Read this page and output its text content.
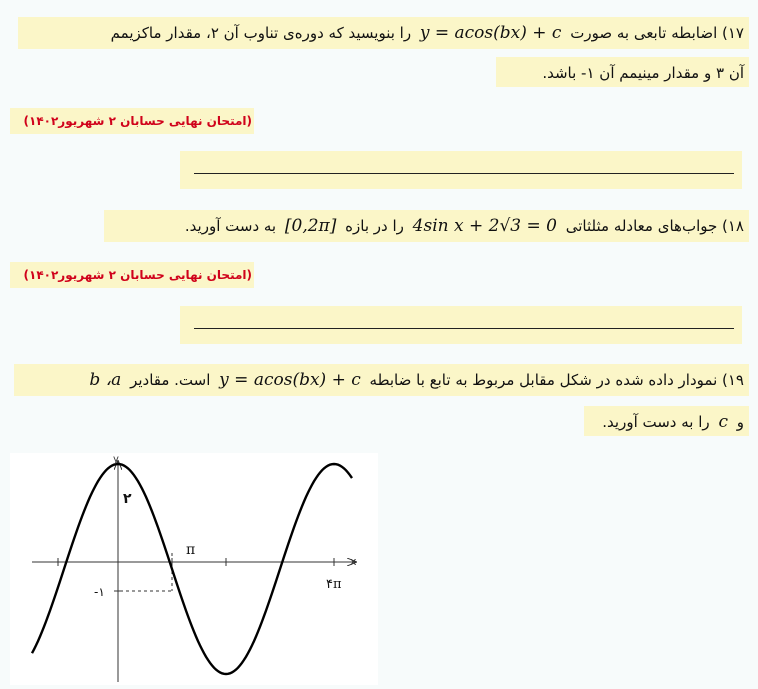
۱۷) اضابطه تابعی به صورت y = acos(bx) + c را بنویسید که دوره‌ی تناوب آن ۲، مقدار ماکزیمم
آن ۳ و مقدار مینیمم آن ۱- باشد.
(امتحان نهایی حسابان ۲ شهریور۱۴۰۲)
۱۸) جواب‌های معادله مثلثاتی 4sin x + 2√3 = 0 را در بازه [0,2π] به دست آورید.
(امتحان نهایی حسابان ۲ شهریور۱۴۰۲)
۱۹) نمودار داده شده در شکل مقابل مربوط به تابع با ضابطه y = acos(bx) + c است. مقادیر b ،a
و c را به دست آورید.
y
x
۲
π
۴π
-۱
